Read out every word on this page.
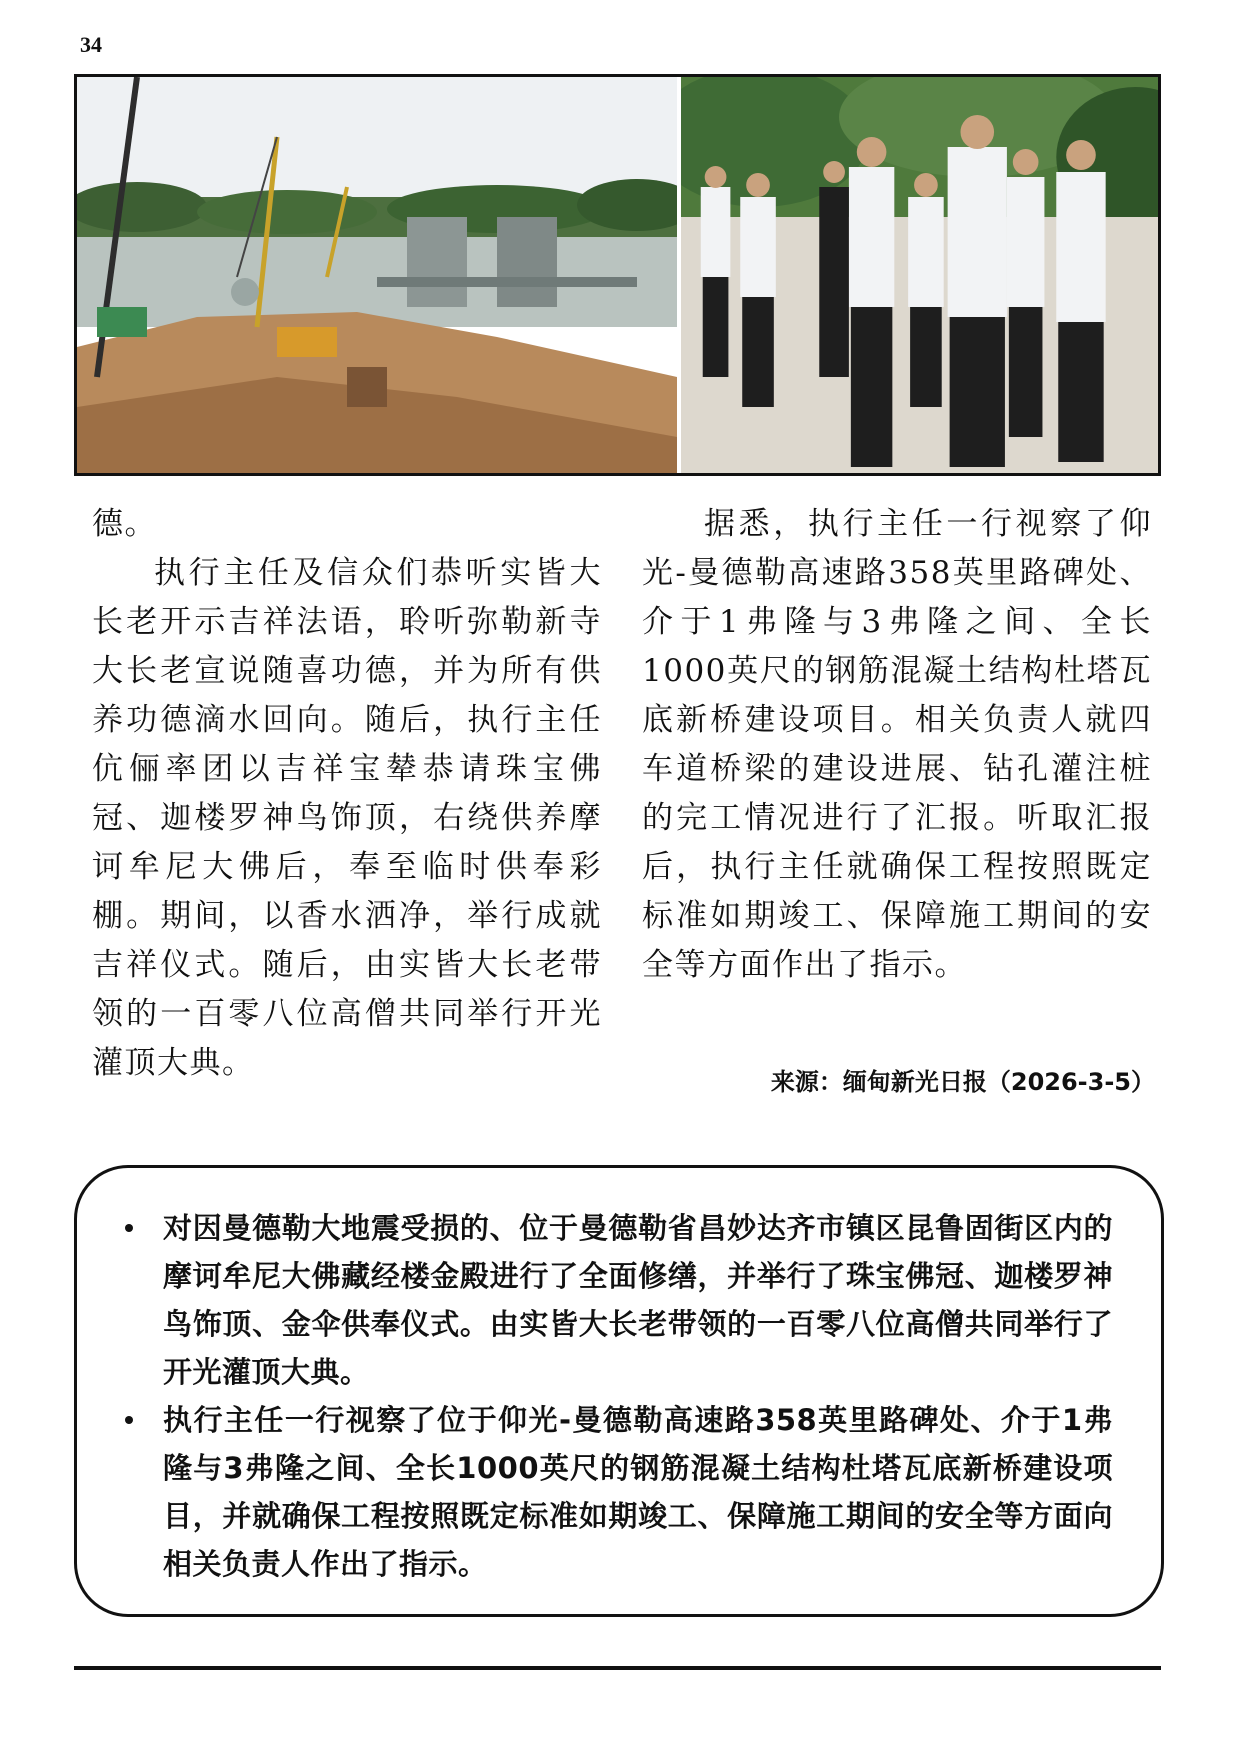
34

德。

执行主任及信众们恭听实皆大长老开示吉祥法语，聆听弥勒新寺大长老宣说随喜功德，并为所有供养功德滴水回向。随后，执行主任伉俪率团以吉祥宝辇恭请珠宝佛冠、迦楼罗神鸟饰顶，右绕供养摩诃牟尼大佛后，奉至临时供奉彩棚。期间，以香水洒净，举行成就吉祥仪式。随后，由实皆大长老带领的一百零八位高僧共同举行开光灌顶大典。

据悉，执行主任一行视察了仰光-曼德勒高速路358英里路碑处、介于1弗隆与3弗隆之间、全长1000英尺的钢筋混凝土结构杜塔瓦底新桥建设项目。相关负责人就四车道桥梁的建设进展、钻孔灌注桩的完工情况进行了汇报。听取汇报后，执行主任就确保工程按照既定标准如期竣工、保障施工期间的安全等方面作出了指示。

来源：缅甸新光日报（2026-3-5）
对因曼德勒大地震受损的、位于曼德勒省昌妙达齐市镇区昆鲁固街区内的摩诃牟尼大佛藏经楼金殿进行了全面修缮，并举行了珠宝佛冠、迦楼罗神鸟饰顶、金伞供奉仪式。由实皆大长老带领的一百零八位高僧共同举行了开光灌顶大典。
执行主任一行视察了位于仰光-曼德勒高速路358英里路碑处、介于1弗隆与3弗隆之间、全长1000英尺的钢筋混凝土结构杜塔瓦底新桥建设项目，并就确保工程按照既定标准如期竣工、保障施工期间的安全等方面向相关负责人作出了指示。
